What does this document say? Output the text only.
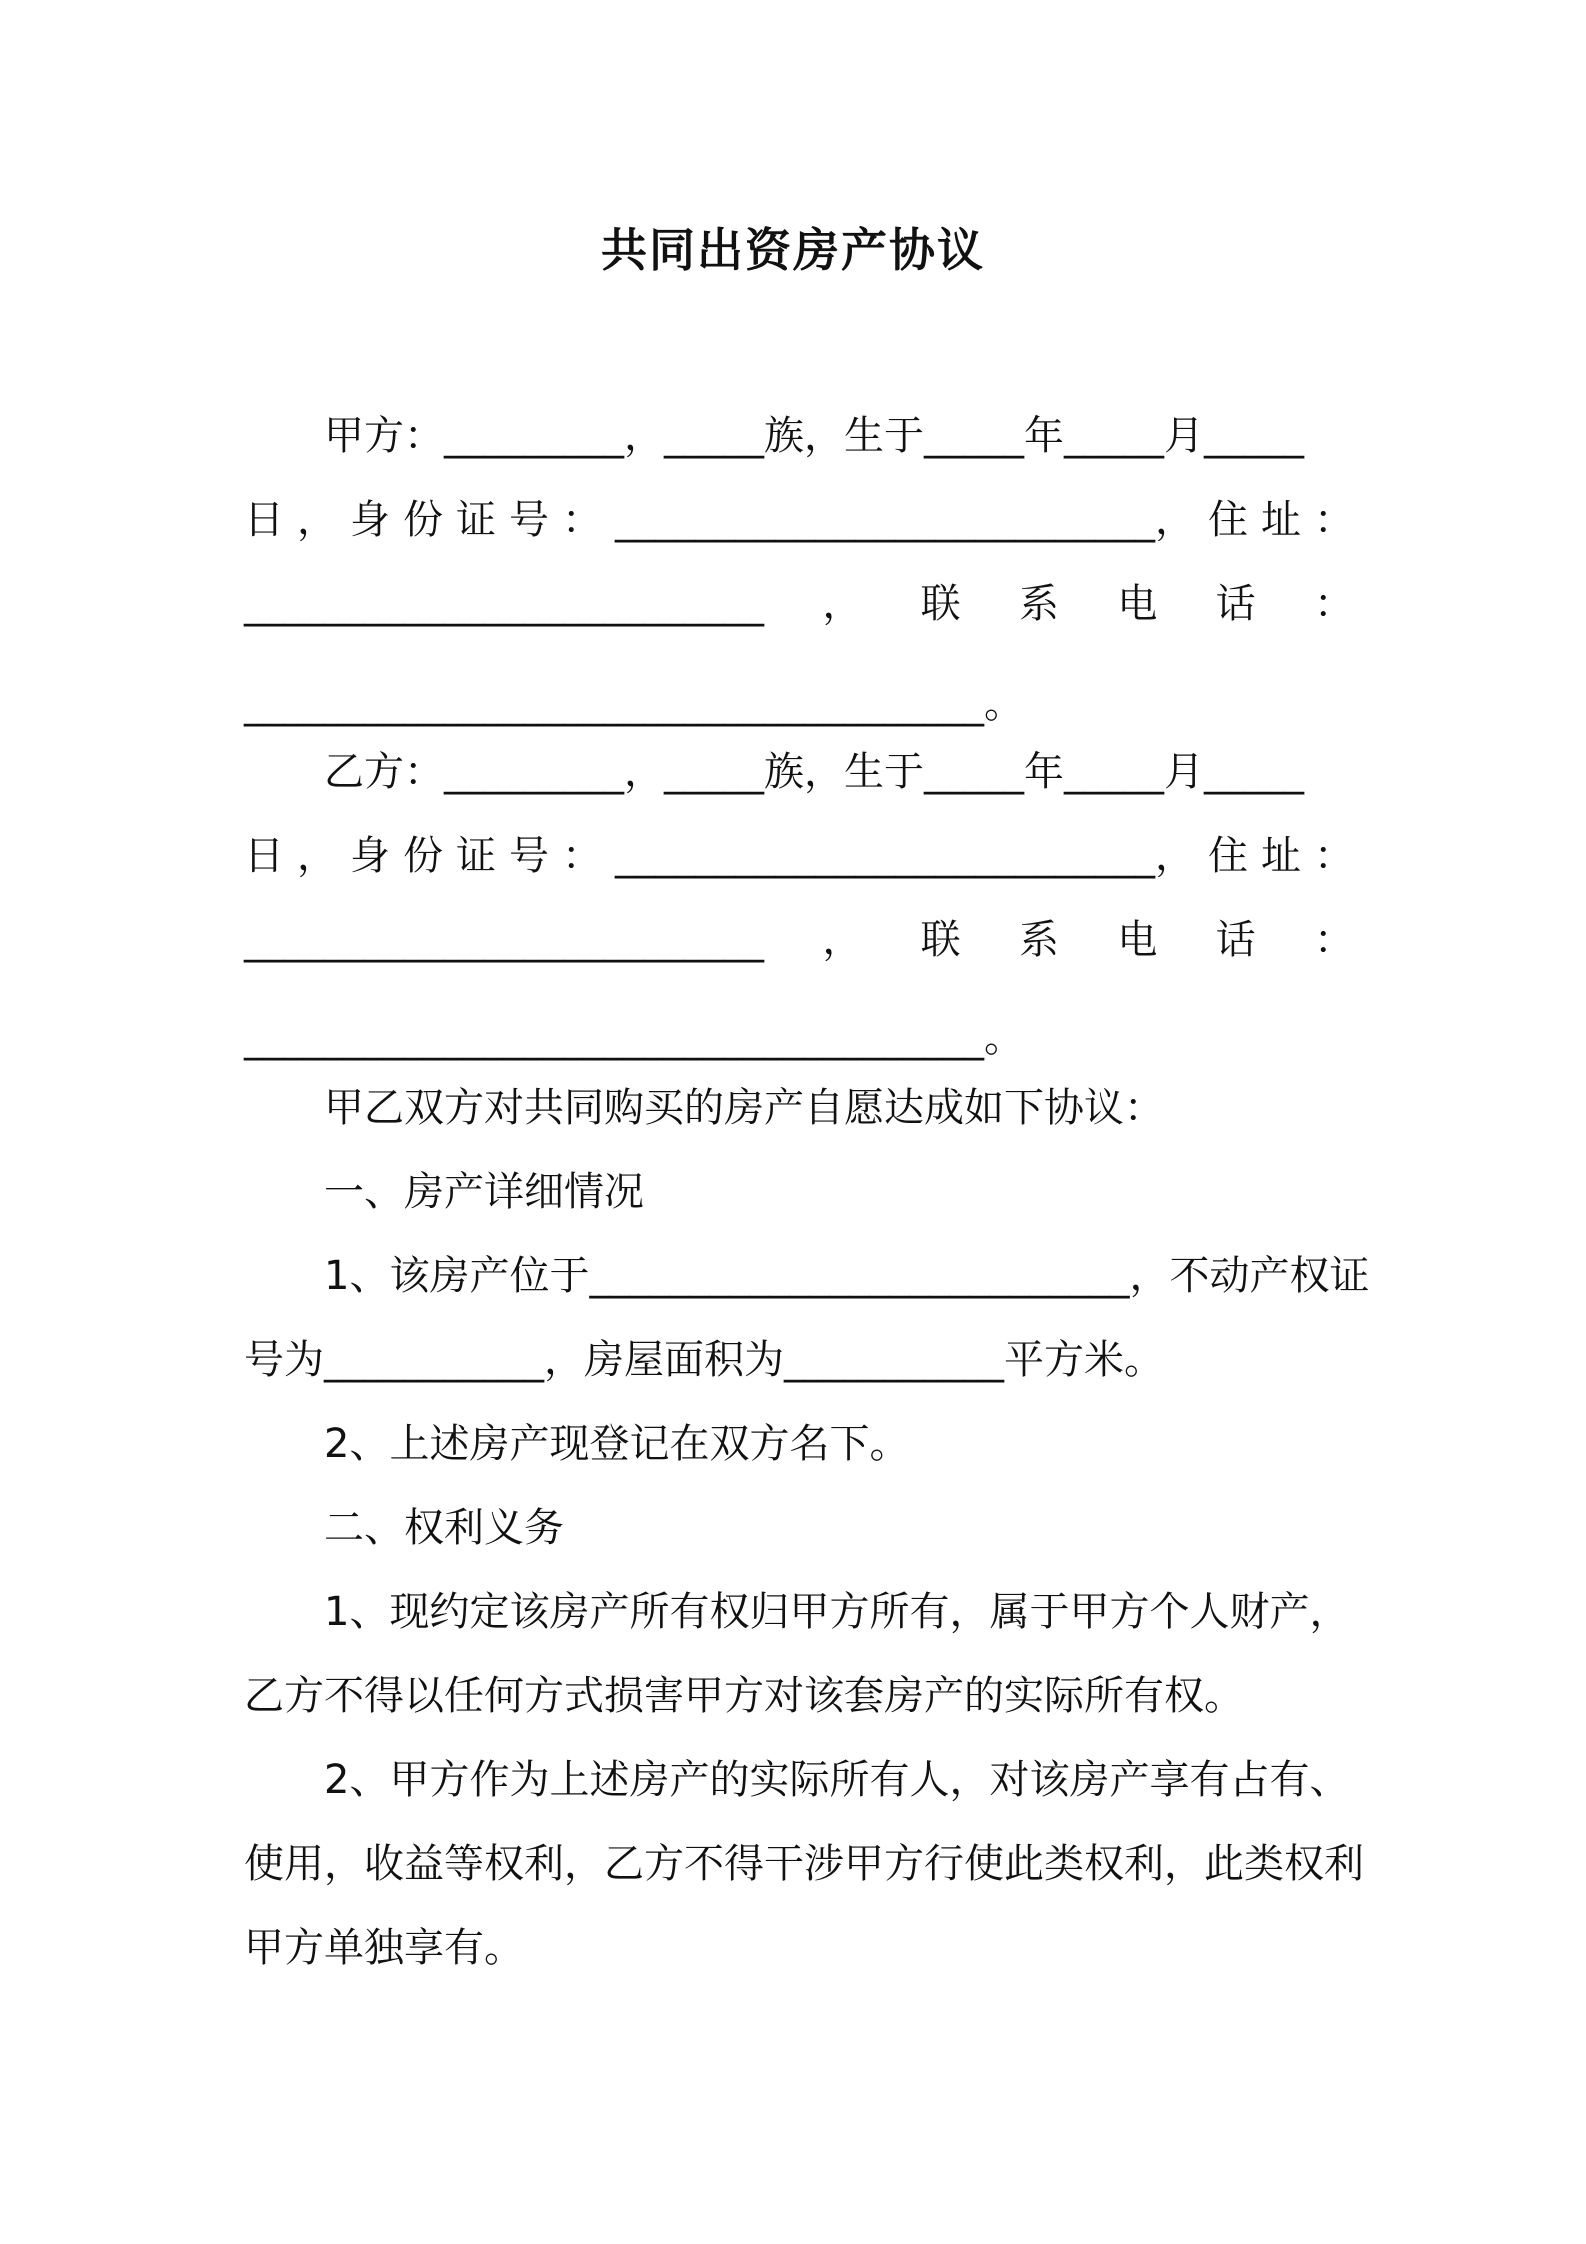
共同出资房产协议
甲方：_________，_____族，生于_____年_____月_____
日 ， 身 份 证 号 ： ___________________________， 住 址 ：
__________________________ ， 联 系 电 话 ：
_____________________________________。
乙方：_________，_____族，生于_____年_____月_____
日 ， 身 份 证 号 ： ___________________________， 住 址 ：
__________________________ ， 联 系 电 话 ：
_____________________________________。
甲乙双方对共同购买的房产自愿达成如下协议：
一、房产详细情况
1、该房产位于___________________________，不动产权证
号为___________，房屋面积为___________平方米。
2、上述房产现登记在双方名下。
二、权利义务
1、现约定该房产所有权归甲方所有，属于甲方个人财产，
乙方不得以任何方式损害甲方对该套房产的实际所有权。
2、甲方作为上述房产的实际所有人，对该房产享有占有、
使用，收益等权利，乙方不得干涉甲方行使此类权利，此类权利
甲方单独享有。
